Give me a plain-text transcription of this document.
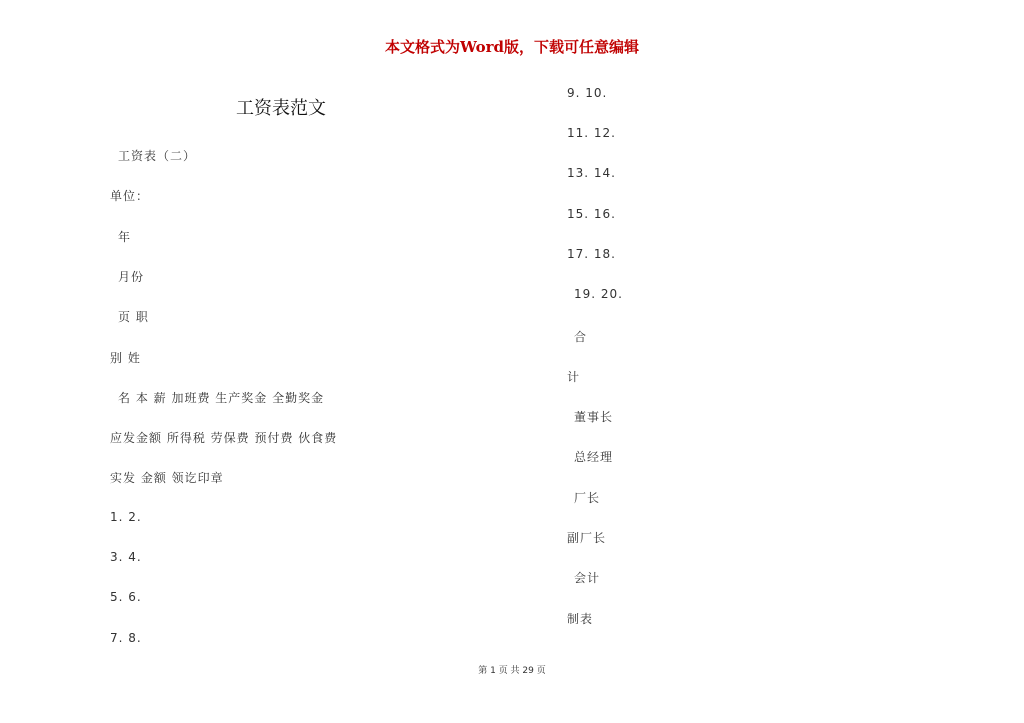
本文格式为Word版，下载可任意编辑
工资表范文
工资表（二）
单位：
年
月份
页 职
别 姓
名 本 薪 加班费 生产奖金 全勤奖金
应发金额 所得税 劳保费 预付费 伙食费
实发 金额 领讫印章
1. 2.
3. 4.
5. 6.
7. 8.
9. 10.
11. 12.
13. 14.
15. 16.
17. 18.
19. 20.
合
计
董事长
总经理
厂长
副厂长
会计
制表
第 1 页 共 29 页
